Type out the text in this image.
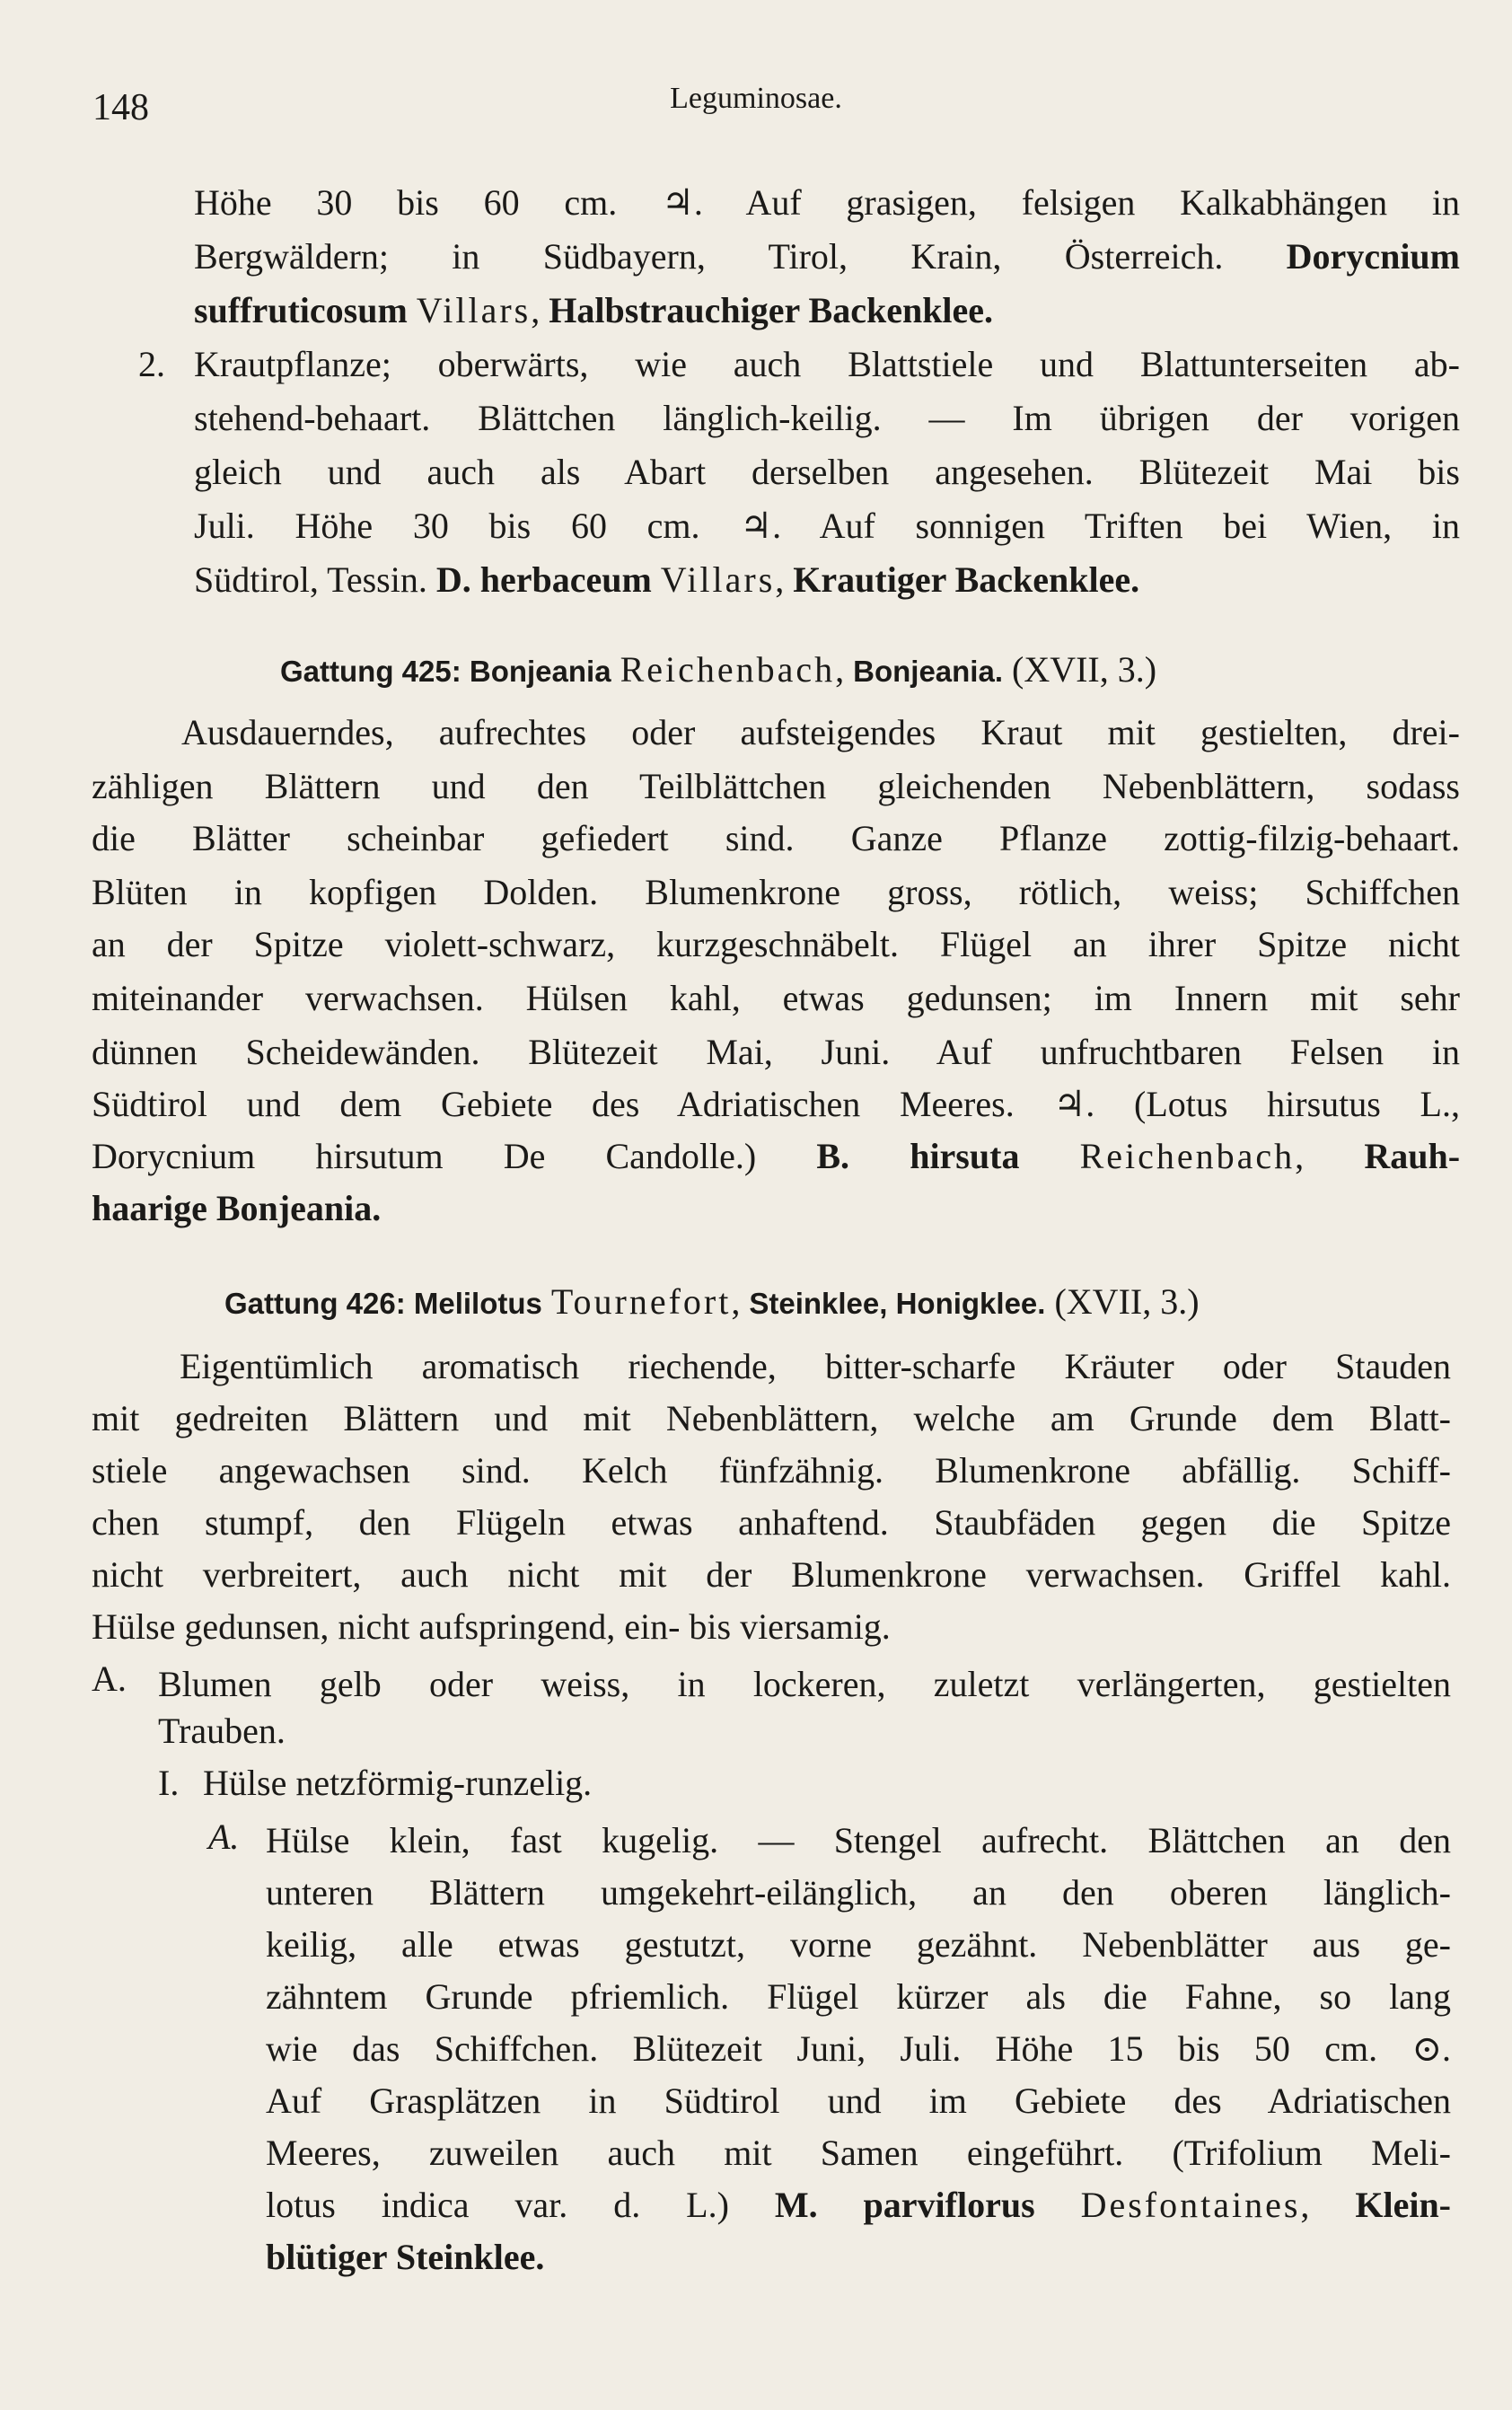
148	Leguminosae.
Höhe 30 bis 60 cm. ♃. Auf grasigen, felsigen Kalkabhängen in
Bergwäldern; in Südbayern, Tirol, Krain, Österreich. Dorycnium
suffruticosum Villars, Halbstrauchiger Backenklee.
2. Krautpflanze; oberwärts, wie auch Blattstiele und Blattunterseiten ab-
stehend-behaart. Blättchen länglich-keilig. — Im übrigen der vorigen
gleich und auch als Abart derselben angesehen. Blütezeit Mai bis
Juli. Höhe 30 bis 60 cm. ♃. Auf sonnigen Triften bei Wien, in
Südtirol, Tessin. D. herbaceum Villars, Krautiger Backenklee.
Gattung 425: Bonjeania Reichenbach, Bonjeania. (XVII, 3.)
Ausdauerndes, aufrechtes oder aufsteigendes Kraut mit gestielten, drei-
zähligen Blättern und den Teilblättchen gleichenden Nebenblättern, sodass
die Blätter scheinbar gefiedert sind. Ganze Pflanze zottig-filzig-behaart.
Blüten in kopfigen Dolden. Blumenkrone gross, rötlich, weiss; Schiffchen
an der Spitze violett-schwarz, kurzgeschnäbelt. Flügel an ihrer Spitze nicht
miteinander verwachsen. Hülsen kahl, etwas gedunsen; im Innern mit sehr
dünnen Scheidewänden. Blütezeit Mai, Juni. Auf unfruchtbaren Felsen in
Südtirol und dem Gebiete des Adriatischen Meeres. ♃. (Lotus hirsutus L.,
Dorycnium hirsutum De Candolle.) B. hirsuta Reichenbach, Rauh-
haarige Bonjeania.
Gattung 426: Melilotus Tournefort, Steinklee, Honigklee. (XVII, 3.)
Eigentümlich aromatisch riechende, bitter-scharfe Kräuter oder Stauden
mit gedreiten Blättern und mit Nebenblättern, welche am Grunde dem Blatt-
stiele angewachsen sind. Kelch fünfzähnig. Blumenkrone abfällig. Schiff-
chen stumpf, den Flügeln etwas anhaftend. Staubfäden gegen die Spitze
nicht verbreitert, auch nicht mit der Blumenkrone verwachsen. Griffel kahl.
Hülse gedunsen, nicht aufspringend, ein- bis viersamig.
A. Blumen gelb oder weiss, in lockeren, zuletzt verlängerten, gestielten
Trauben.
I. Hülse netzförmig-runzelig.
A. Hülse klein, fast kugelig. — Stengel aufrecht. Blättchen an den
unteren Blättern umgekehrt-eilänglich, an den oberen länglich-
keilig, alle etwas gestutzt, vorne gezähnt. Nebenblätter aus ge-
zähntem Grunde pfriemlich. Flügel kürzer als die Fahne, so lang
wie das Schiffchen. Blütezeit Juni, Juli. Höhe 15 bis 50 cm. ⊙.
Auf Grasplätzen in Südtirol und im Gebiete des Adriatischen
Meeres, zuweilen auch mit Samen eingeführt. (Trifolium Meli-
lotus indica var. d. L.) M. parviflorus Desfontaines, Klein-
blütiger Steinklee.
